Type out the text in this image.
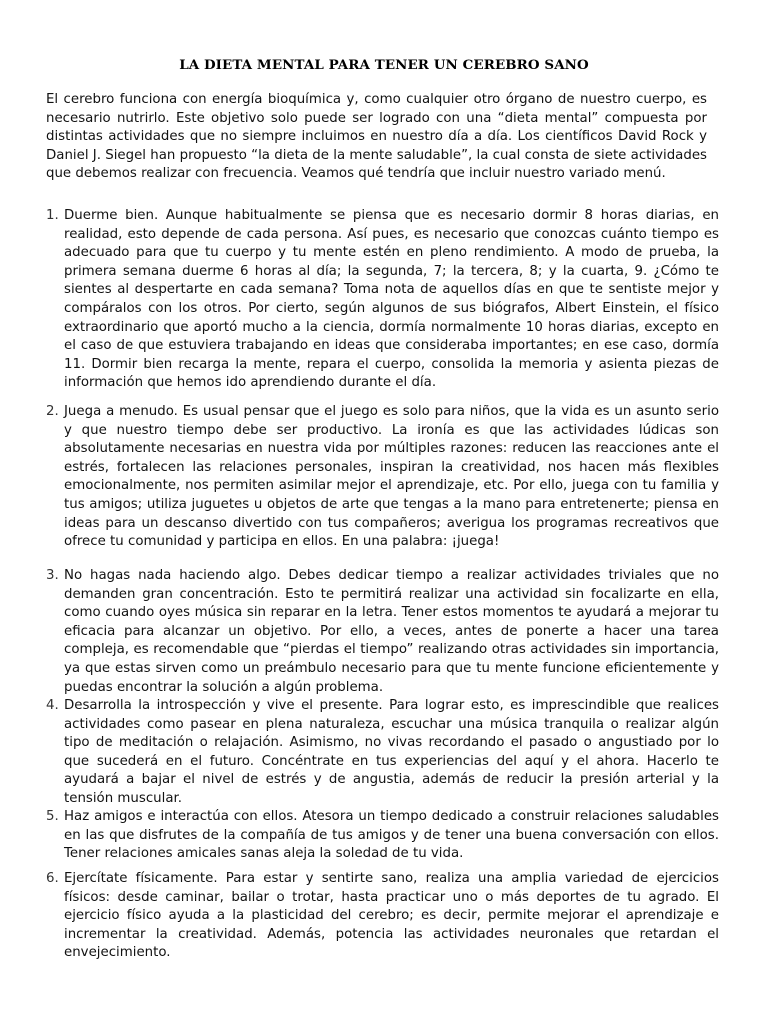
LA DIETA MENTAL PARA TENER UN CEREBRO SANO

El cerebro funciona con energía bioquímica y, como cualquier otro órgano de nuestro cuerpo, es necesario nutrirlo. Este objetivo solo puede ser logrado con una “dieta mental” compuesta por distintas actividades que no siempre incluimos en nuestro día a día. Los científicos David Rock y Daniel J. Siegel han propuesto “la dieta de la mente saludable”, la cual consta de siete actividades que debemos realizar con frecuencia. Veamos qué tendría que incluir nuestro variado menú.

1. Duerme bien. Aunque habitualmente se piensa que es necesario dormir 8 horas diarias, en realidad, esto depende de cada persona. Así pues, es necesario que conozcas cuánto tiempo es adecuado para que tu cuerpo y tu mente estén en pleno rendimiento. A modo de prueba, la primera semana duerme 6 horas al día; la segunda, 7; la tercera, 8; y la cuarta, 9. ¿Cómo te sientes al despertarte en cada semana? Toma nota de aquellos días en que te sentiste mejor y compáralos con los otros. Por cierto, según algunos de sus biógrafos, Albert Einstein, el físico extraordinario que aportó mucho a la ciencia, dormía normalmente 10 horas diarias, excepto en el caso de que estuviera trabajando en ideas que consideraba importantes; en ese caso, dormía 11. Dormir bien recarga la mente, repara el cuerpo, consolida la memoria y asienta piezas de información que hemos ido aprendiendo durante el día.

2. Juega a menudo. Es usual pensar que el juego es solo para niños, que la vida es un asunto serio y que nuestro tiempo debe ser productivo. La ironía es que las actividades lúdicas son absolutamente necesarias en nuestra vida por múltiples razones: reducen las reacciones ante el estrés, fortalecen las relaciones personales, inspiran la creatividad, nos hacen más flexibles emocionalmente, nos permiten asimilar mejor el aprendizaje, etc. Por ello, juega con tu familia y tus amigos; utiliza juguetes u objetos de arte que tengas a la mano para entretenerte; piensa en ideas para un descanso divertido con tus compañeros; averigua los programas recreativos que ofrece tu comunidad y participa en ellos. En una palabra: ¡juega!

3. No hagas nada haciendo algo. Debes dedicar tiempo a realizar actividades triviales que no demanden gran concentración. Esto te permitirá realizar una actividad sin focalizarte en ella, como cuando oyes música sin reparar en la letra. Tener estos momentos te ayudará a mejorar tu eficacia para alcanzar un objetivo. Por ello, a veces, antes de ponerte a hacer una tarea compleja, es recomendable que “pierdas el tiempo” realizando otras actividades sin importancia, ya que estas sirven como un preámbulo necesario para que tu mente funcione eficientemente y puedas encontrar la solución a algún problema.

4. Desarrolla la introspección y vive el presente. Para lograr esto, es imprescindible que realices actividades como pasear en plena naturaleza, escuchar una música tranquila o realizar algún tipo de meditación o relajación. Asimismo, no vivas recordando el pasado o angustiado por lo que sucederá en el futuro. Concéntrate en tus experiencias del aquí y el ahora. Hacerlo te ayudará a bajar el nivel de estrés y de angustia, además de reducir la presión arterial y la tensión muscular.

5. Haz amigos e interactúa con ellos. Atesora un tiempo dedicado a construir relaciones saludables en las que disfrutes de la compañía de tus amigos y de tener una buena conversación con ellos. Tener relaciones amicales sanas aleja la soledad de tu vida.

6. Ejercítate físicamente. Para estar y sentirte sano, realiza una amplia variedad de ejercicios físicos: desde caminar, bailar o trotar, hasta practicar uno o más deportes de tu agrado. El ejercicio físico ayuda a la plasticidad del cerebro; es decir, permite mejorar el aprendizaje e incrementar la creatividad. Además, potencia las actividades neuronales que retardan el envejecimiento.
